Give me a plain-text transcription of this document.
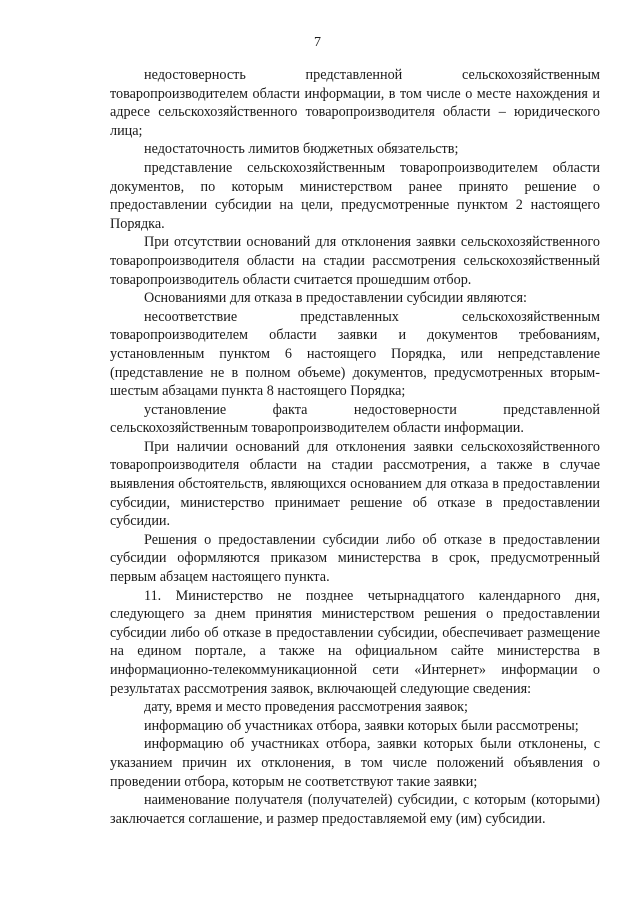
7

недостоверность представленной сельскохозяйственным товаропроизводителем области информации, в том числе о месте нахождения и адресе сельскохозяйственного товаропроизводителя области – юридического лица;

недостаточность лимитов бюджетных обязательств;

представление сельскохозяйственным товаропроизводителем области документов, по которым министерством ранее принято решение о предоставлении субсидии на цели, предусмотренные пунктом 2 настоящего Порядка.

При отсутствии оснований для отклонения заявки сельскохозяйственного товаропроизводителя области на стадии рассмотрения сельскохозяйственный товаропроизводитель области считается прошедшим отбор.

Основаниями для отказа в предоставлении субсидии являются:

несоответствие представленных сельскохозяйственным товаропроизводителем области заявки и документов требованиям, установленным пунктом 6 настоящего Порядка, или непредставление (представление не в полном объеме) документов, предусмотренных вторым-шестым абзацами пункта 8 настоящего Порядка;

установление факта недостоверности представленной сельскохозяйственным товаропроизводителем области информации.

При наличии оснований для отклонения заявки сельскохозяйственного товаропроизводителя области на стадии рассмотрения, а также в случае выявления обстоятельств, являющихся основанием для отказа в предоставлении субсидии, министерство принимает решение об отказе в предоставлении субсидии.

Решения о предоставлении субсидии либо об отказе в предоставлении субсидии оформляются приказом министерства в срок, предусмотренный первым абзацем настоящего пункта.

11. Министерство не позднее четырнадцатого календарного дня, следующего за днем принятия министерством решения о предоставлении субсидии либо об отказе в предоставлении субсидии, обеспечивает размещение на едином портале, а также на официальном сайте министерства в информационно-телекоммуникационной сети «Интернет» информации о результатах рассмотрения заявок, включающей следующие сведения:

дату, время и место проведения рассмотрения заявок;

информацию об участниках отбора, заявки которых были рассмотрены;

информацию об участниках отбора, заявки которых были отклонены, с указанием причин их отклонения, в том числе положений объявления о проведении отбора, которым не соответствуют такие заявки;

наименование получателя (получателей) субсидии, с которым (которыми) заключается соглашение, и размер предоставляемой ему (им) субсидии.
